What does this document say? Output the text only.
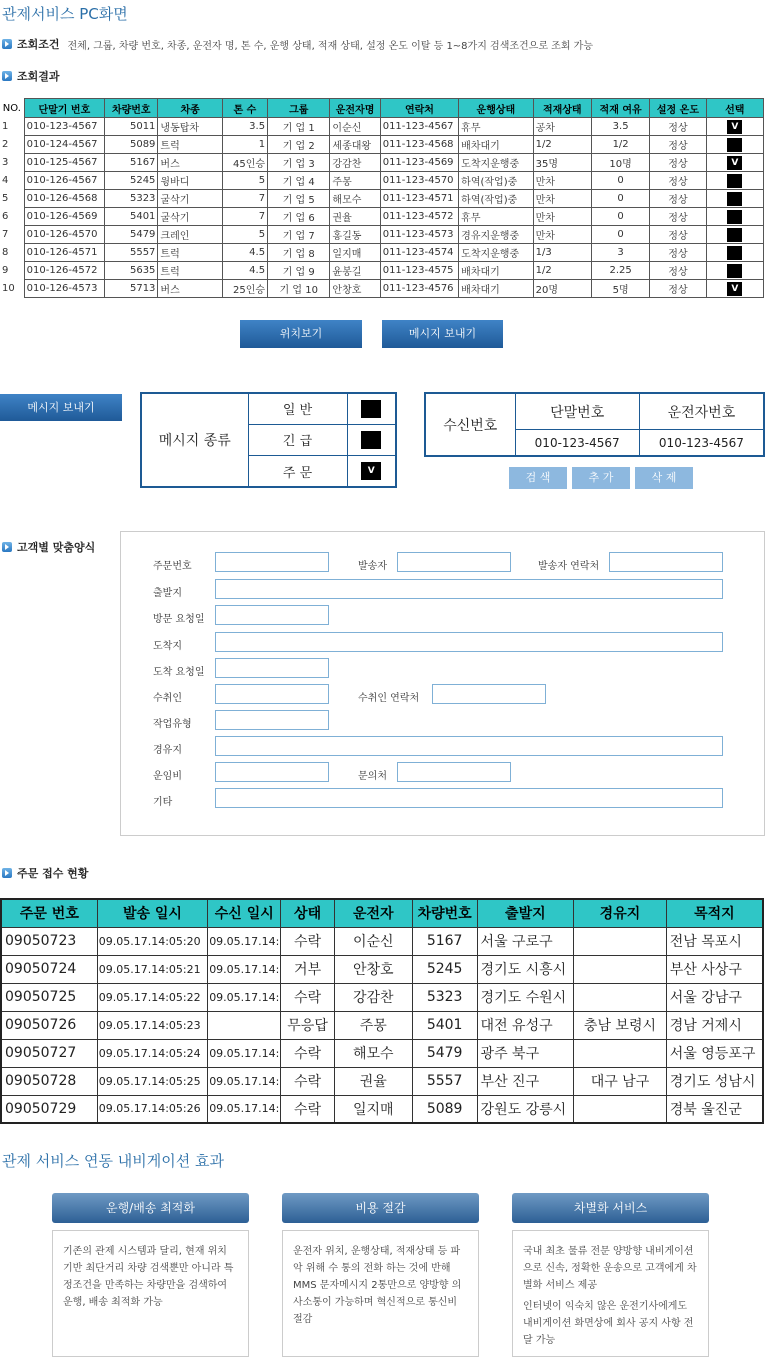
관제서비스 PC화면
조회조건 전체, 그룹, 차량 번호, 차종, 운전자 명, 톤 수, 운행 상태, 적재 상태, 설정 온도 이탈 등 1~8가지 검색조건으로 조회 가능
조회결과
NO.	단말기 번호	차량번호	차종	톤 수	그룹	운전자명	연락처	운행상태	적재상태	적재 여유	설정 온도	선택
1	010-123-4567	5011	냉동탑차	3.5	기 업 1	이순신	011-123-4567	휴무	공차	3.5	정상	V
2	010-124-4567	5089	트럭	1	기 업 2	세종대왕	011-123-4568	배차대기	1/2	1/2	정상	
3	010-125-4567	5167	버스	45인승	기 업 3	강감찬	011-123-4569	도착지운행중	35명	10명	정상	V
4	010-126-4567	5245	윙바디	5	기 업 4	주몽	011-123-4570	하역(작업)중	만차	0	정상	
5	010-126-4568	5323	굴삭기	7	기 업 5	해모수	011-123-4571	하역(작업)중	만차	0	정상	
6	010-126-4569	5401	굴삭기	7	기 업 6	권율	011-123-4572	휴무	만차	0	정상	
7	010-126-4570	5479	크레인	5	기 업 7	홍길동	011-123-4573	경유지운행중	만차	0	정상	
8	010-126-4571	5557	트럭	4.5	기 업 8	일지매	011-123-4574	도착지운행중	1/3	3	정상	
9	010-126-4572	5635	트럭	4.5	기 업 9	윤봉길	011-123-4575	배차대기	1/2	2.25	정상	
10	010-126-4573	5713	버스	25인승	기 업 10	안창호	011-123-4576	배차대기	20명	5명	정상	V
위치보기	메시지 보내기
메시지 보내기
메시지 종류	일 반	
	긴 급	
	주 문	V
수신번호	단말번호	운전자번호
	010-123-4567	010-123-4567
검 색	추 가	삭 제
고객별 맞춤양식
주문번호	발송자	발송자 연락처
출발지
방문 요청일
도착지
도착 요청일
수취인	수취인 연락처
작업유형
경유지
운임비	문의처
기타
주문 접수 현황
주문 번호	발송 일시	수신 일시	상태	운전자	차량번호	출발지	경유지	목적지
09050723	09.05.17.14:05:20	09.05.17.14:	수락	이순신	5167	서울 구로구		전남 목포시
09050724	09.05.17.14:05:21	09.05.17.14:	거부	안창호	5245	경기도 시흥시		부산 사상구
09050725	09.05.17.14:05:22	09.05.17.14:	수락	강감찬	5323	경기도 수원시		서울 강남구
09050726	09.05.17.14:05:23		무응답	주몽	5401	대전 유성구	충남 보령시	경남 거제시
09050727	09.05.17.14:05:24	09.05.17.14:	수락	해모수	5479	광주 북구		서울 영등포구
09050728	09.05.17.14:05:25	09.05.17.14:	수락	권율	5557	부산 진구	대구 남구	경기도 성남시
09050729	09.05.17.14:05:26	09.05.17.14:	수락	일지매	5089	강원도 강릉시		경북 울진군
관제 서비스 연동 내비게이션 효과
운행/배송 최적화
기존의 관제 시스템과 달리, 현재 위치 기반 최단거리 차량 검색뿐만 아니라 특정조건을 만족하는 차량만을 검색하여 운행, 배송 최적화 가능
비용 절감
운전자 위치, 운행상태, 적재상태 등 파악 위해 수 통의 전화 하는 것에 반해 MMS 문자메시지 2통만으로 양방향 의사소통이 가능하며 혁신적으로 통신비 절감
차별화 서비스
국내 최초 물류 전문 양방향 내비게이션으로 신속, 정확한 운송으로 고객에게 차별화 서비스 제공
인터넷이 익숙치 않은 운전기사에게도 내비게이션 화면상에 회사 공지 사항 전달 가능
